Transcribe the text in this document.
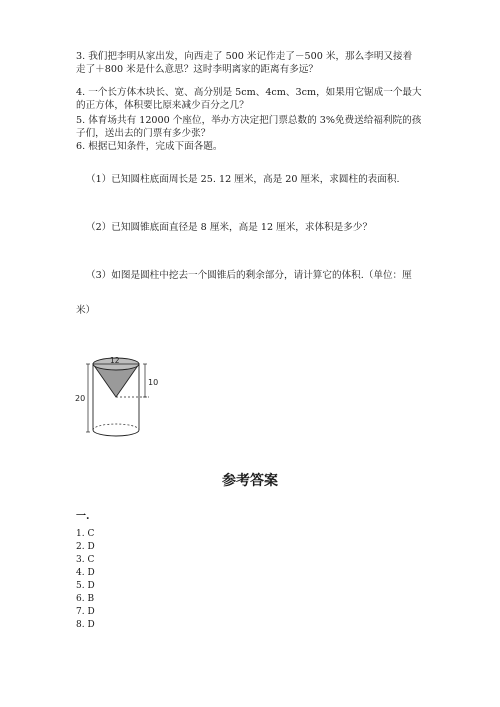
3. 我们把李明从家出发，向西走了 500 米记作走了－500 米，那么李明又接着
走了＋800 米是什么意思？这时李明离家的距离有多远？
4. 一个长方体木块长、宽、高分别是 5cm、4cm、3cm，如果用它锯成一个最大
的正方体，体积要比原来减少百分之几？
5. 体育场共有 12000 个座位，举办方决定把门票总数的 3%免费送给福利院的孩
子们，送出去的门票有多少张？
6. 根据已知条件，完成下面各题。
（1）已知圆柱底面周长是 25. 12 厘米，高是 20 厘米，求圆柱的表面积.
（2）已知圆锥底面直径是 8 厘米，高是 12 厘米，求体积是多少？
（3）如图是圆柱中挖去一个圆锥后的剩余部分，请计算它的体积.（单位：厘
米）
12
20
10
参考答案
一.
1. C
2. D
3. C
4. D
5. D
6. B
7. D
8. D
